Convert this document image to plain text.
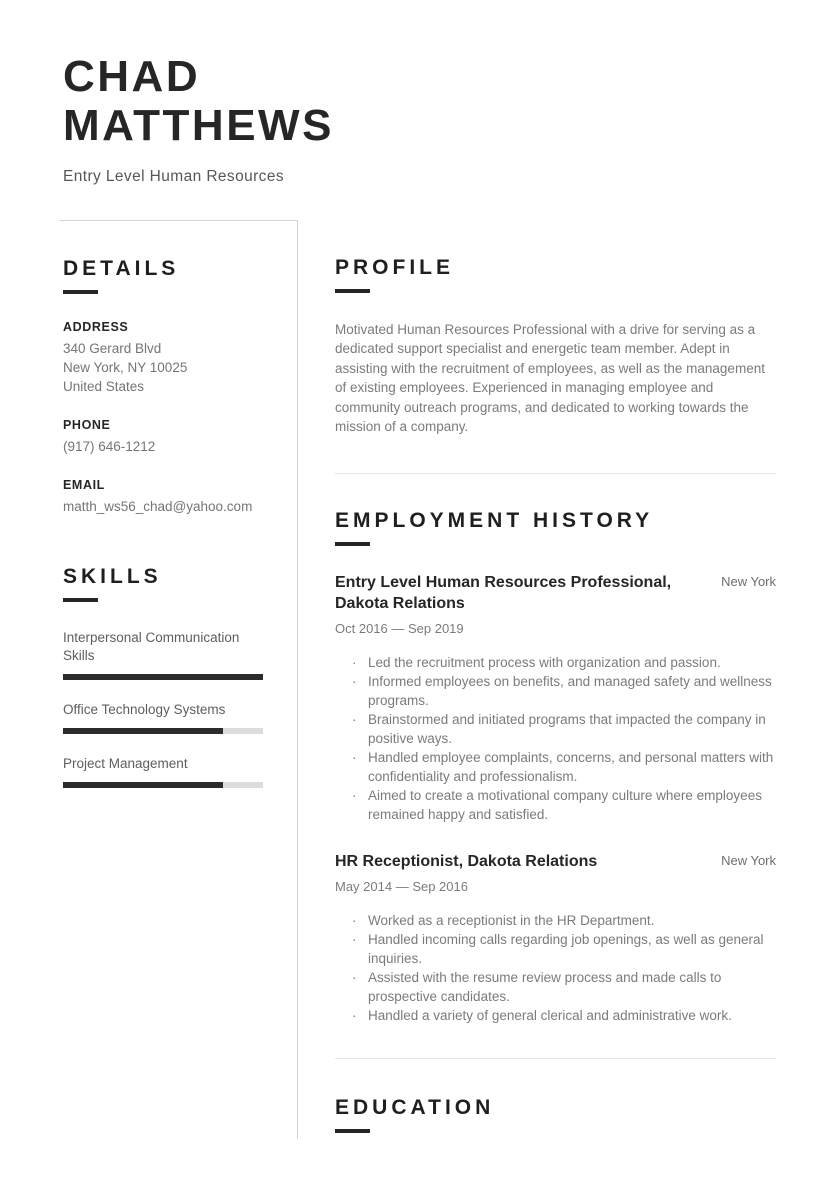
CHAD MATTHEWS
Entry Level Human Resources
DETAILS
ADDRESS
340 Gerard Blvd
New York, NY 10025
United States
PHONE
(917) 646-1212
EMAIL
matth_ws56_chad@yahoo.com
SKILLS
Interpersonal Communication Skills
Office Technology Systems
Project Management
PROFILE
Motivated Human Resources Professional with a drive for serving as a dedicated support specialist and energetic team member. Adept in assisting with the recruitment of employees, as well as the management of existing employees. Experienced in managing employee and community outreach programs, and dedicated to working towards the mission of a company.
EMPLOYMENT HISTORY
Entry Level Human Resources Professional, Dakota Relations
New York
Oct 2016 — Sep 2019
· Led the recruitment process with organization and passion.
· Informed employees on benefits, and managed safety and wellness programs.
· Brainstormed and initiated programs that impacted the company in positive ways.
· Handled employee complaints, concerns, and personal matters with confidentiality and professionalism.
· Aimed to create a motivational company culture where employees remained happy and satisfied.
HR Receptionist, Dakota Relations	New York
May 2014 — Sep 2016
· Worked as a receptionist in the HR Department.
· Handled incoming calls regarding job openings, as well as general inquiries.
· Assisted with the resume review process and made calls to prospective candidates.
· Handled a variety of general clerical and administrative work.
EDUCATION
